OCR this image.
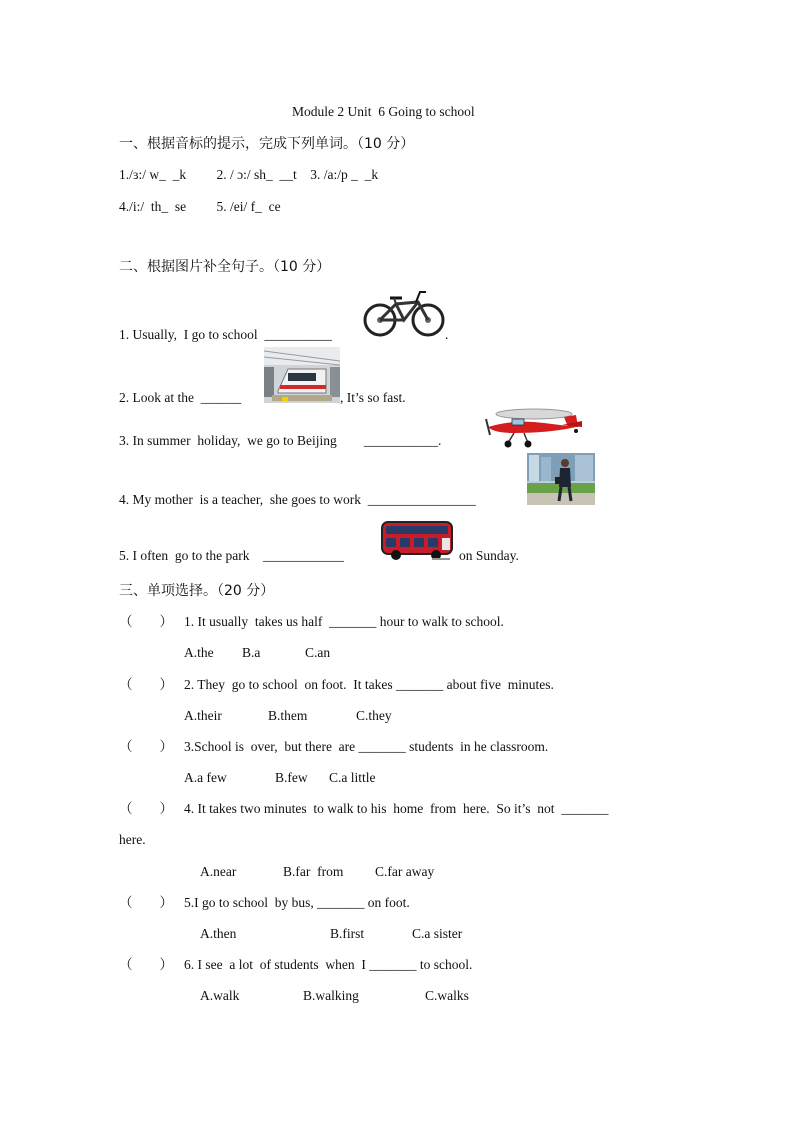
Module 2 Unit  6 Going to school
一、根据音标的提示，完成下列单词。（10 分）
1./ɜ:/ w_  _k         2. / ɔ:/ sh_  __t    3. /a:/p _  _k
4./i:/  th_  se         5. /ei/ f_  ce
二、根据图片补全句子。（10 分）
1. Usually,  I go to school  __________	.
2. Look at the  ______	, It’s so fast.
3. In summer  holiday,  we go to Beijing        ___________.
4. My mother  is a teacher,  she goes to work  ________________
5. I often  go to the park    ____________	on Sunday.
三、单项选择。（20 分）
（        ） 1. It usually  takes us half  _______ hour to walk to school.
A.the B.a	C.an
（        ） 2. They  go to school  on foot.  It takes _______ about five  minutes.
A.their	B.them	C.they
（        ） 3.School is  over,  but there  are _______ students  in he classroom.
A.a few	B.few C.a little
（        ） 4. It takes two minutes  to walk to his  home  from  here.  So it’s  not  _______
here.
A.near	B.far  from C.far away
（        ） 5.I go to school  by bus, _______ on foot.
A.then	B.first	C.a sister
（        ） 6. I see  a lot  of students  when  I _______ to school.
A.walk	B.walking	C.walks
